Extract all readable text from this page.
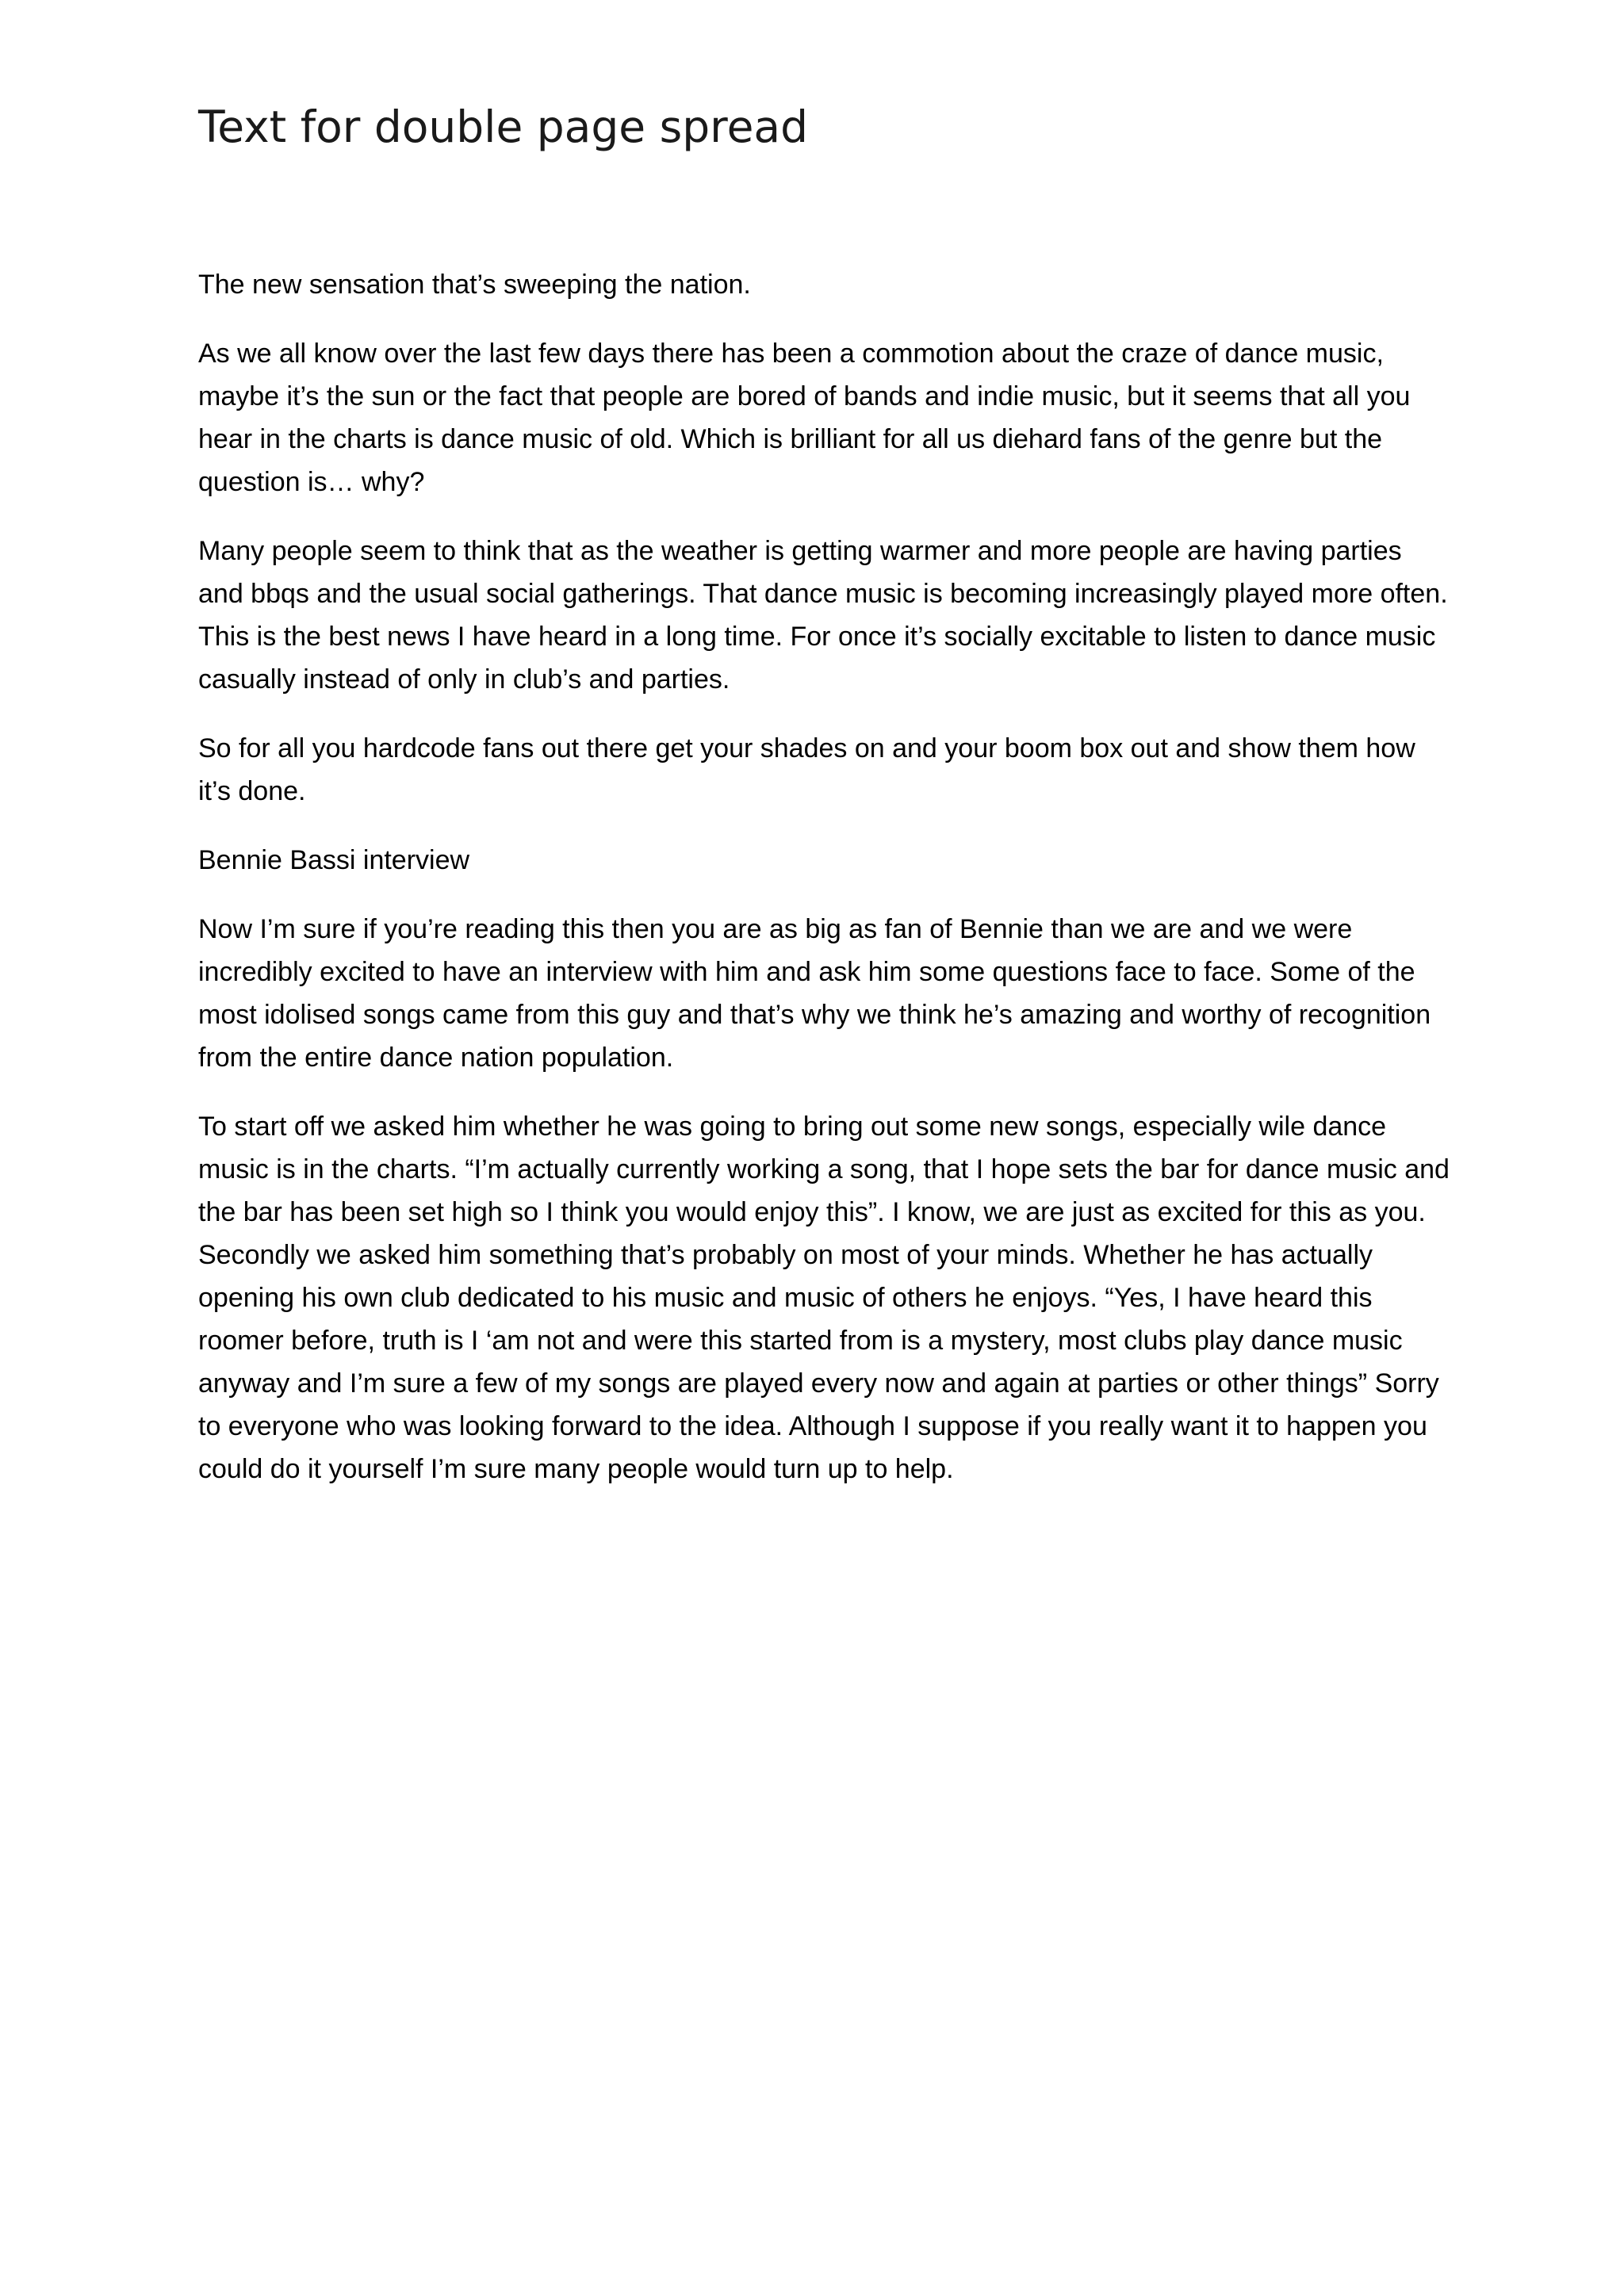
Text for double page spread

The new sensation that’s sweeping the nation.

As we all know over the last few days there has been a commotion about the craze of dance music, maybe it’s the sun or the fact that people are bored of bands and indie music, but it seems that all you hear in the charts is dance music of old. Which is brilliant for all us diehard fans of the genre but the question is… why?

Many people seem to think that as the weather is getting warmer and more people are having parties and bbqs and the usual social gatherings. That dance music is becoming increasingly played more often. This is the best news I have heard in a long time. For once it’s socially excitable to listen to dance music casually instead of only in club’s and parties.

So for all you hardcode fans out there get your shades on and your boom box out and show them how it’s done.

Bennie Bassi interview

Now I’m sure if you’re reading this then you are as big as fan of Bennie than we are and we were incredibly excited to have an interview with him and ask him some questions face to face. Some of the most idolised songs came from this guy and that’s why we think he’s amazing and worthy of recognition from the entire dance nation population.

To start off we asked him whether he was going to bring out some new songs, especially wile dance music is in the charts. “I’m actually currently working a song, that I hope sets the bar for dance music and the bar has been set high so I think you would enjoy this”. I know, we are just as excited for this as you. Secondly we asked him something that’s probably on most of your minds. Whether he has actually opening his own club dedicated to his music and music of others he enjoys. “Yes, I have heard this roomer before, truth is I ‘am not and were this started from is a mystery, most clubs play dance music anyway and I’m sure a few of my songs are played every now and again at parties or other things” Sorry to everyone who was looking forward to the idea. Although I suppose if you really want it to happen you could do it yourself I’m sure many people would turn up to help.
